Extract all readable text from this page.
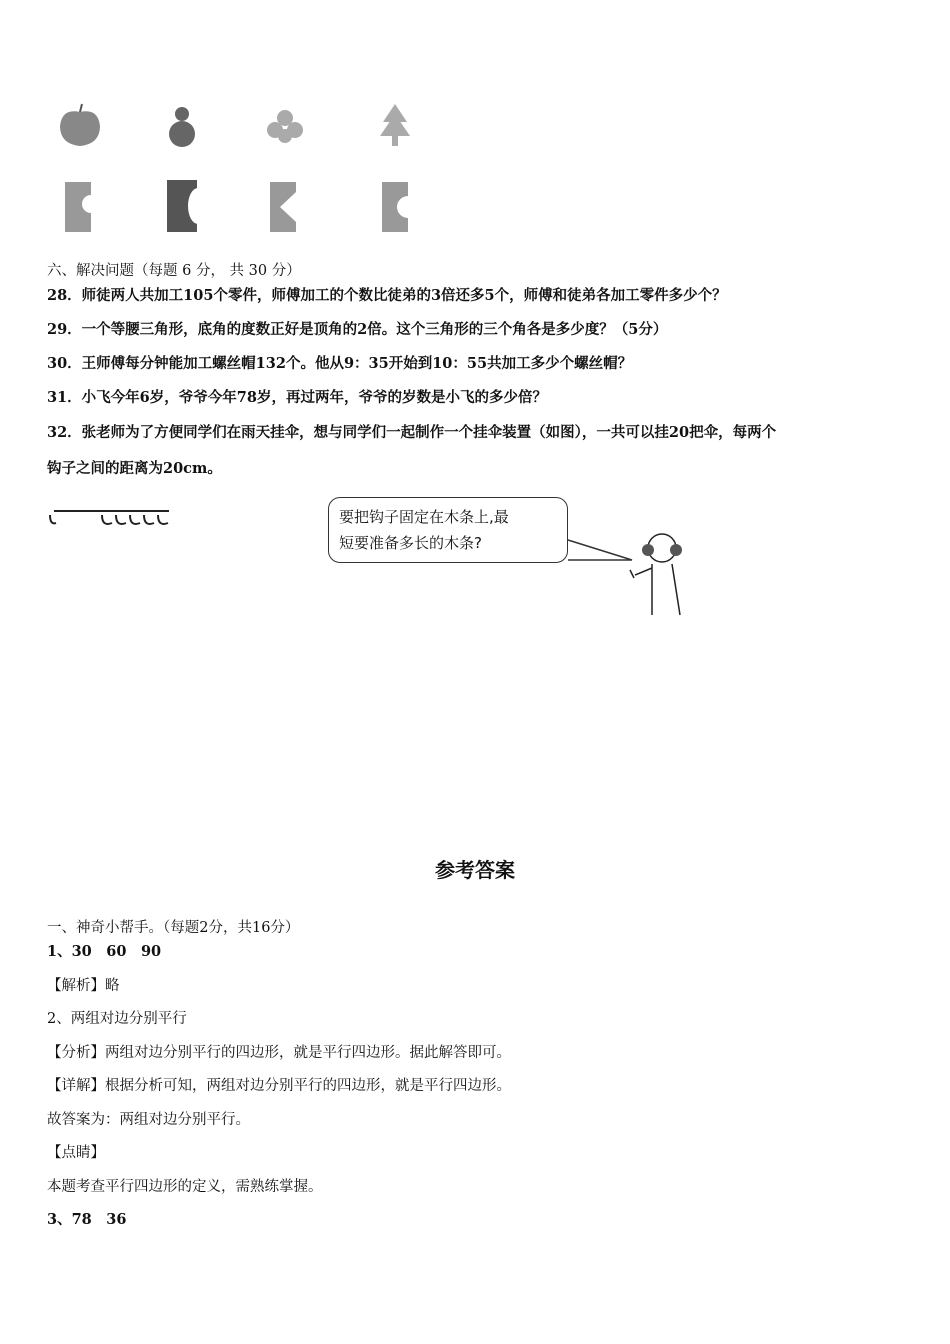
六、解决问题（每题 6 分， 共 30 分）
28．师徒两人共加工105个零件，师傅加工的个数比徒弟的3倍还多5个，师傅和徒弟各加工零件多少个？
29．一个等腰三角形，底角的度数正好是顶角的2倍。这个三角形的三个角各是多少度？（5分）
30．王师傅每分钟能加工螺丝帽132个。他从9：35开始到10：55共加工多少个螺丝帽？
31．小飞今年6岁，爷爷今年78岁，再过两年，爷爷的岁数是小飞的多少倍？
32．张老师为了方便同学们在雨天挂伞，想与同学们一起制作一个挂伞装置（如图），一共可以挂20把伞，每两个
钩子之间的距离为20cm。
要把钩子固定在木条上,最
短要准备多长的木条?
参考答案
一、神奇小帮手。（每题2分，共16分）
1、30　60　90
【解析】略
2、两组对边分别平行
【分析】两组对边分别平行的四边形，就是平行四边形。据此解答即可。
【详解】根据分析可知，两组对边分别平行的四边形，就是平行四边形。
故答案为：两组对边分别平行。
【点睛】
本题考查平行四边形的定义，需熟练掌握。
3、78　36
